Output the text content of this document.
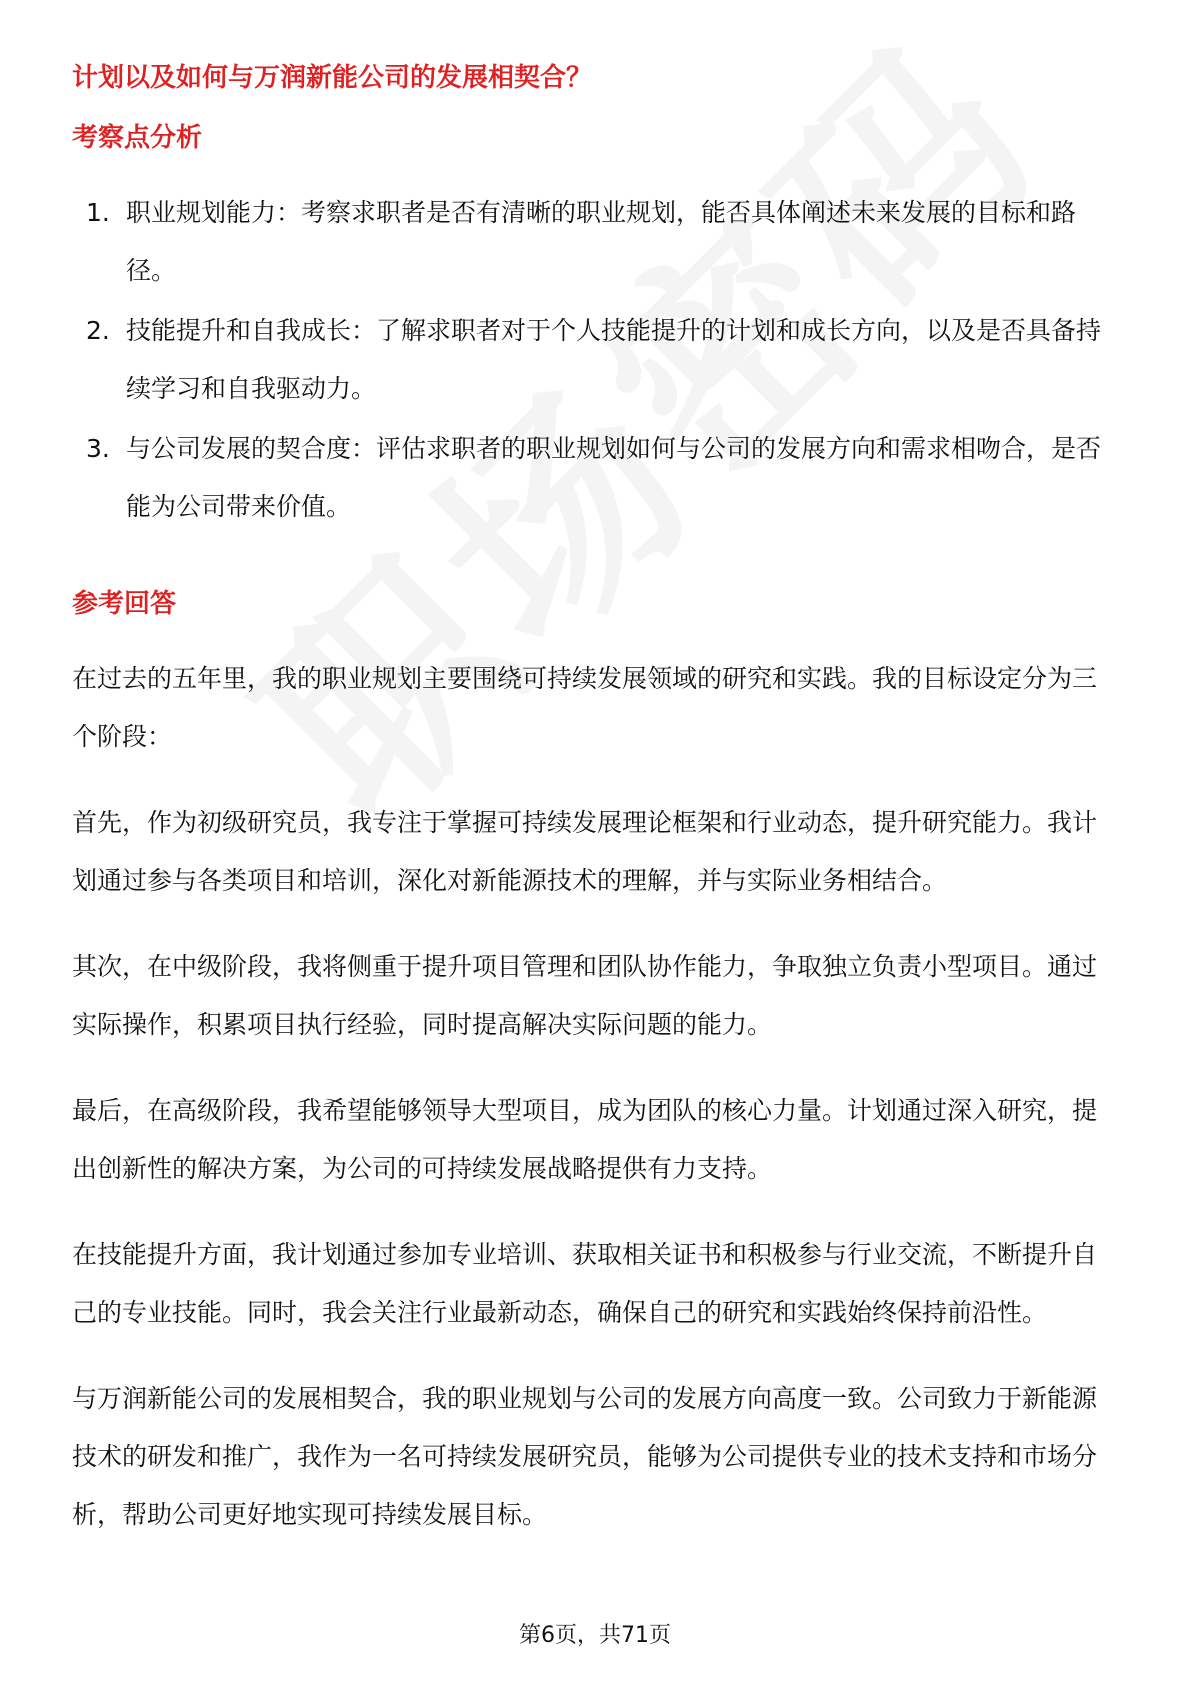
计划以及如何与万润新能公司的发展相契合？
考察点分析
1. 职业规划能力：考察求职者是否有清晰的职业规划，能否具体阐述未来发展的目标和路径。
2. 技能提升和自我成长：了解求职者对于个人技能提升的计划和成长方向，以及是否具备持续学习和自我驱动力。
3. 与公司发展的契合度：评估求职者的职业规划如何与公司的发展方向和需求相吻合，是否能为公司带来价值。
参考回答

在过去的五年里，我的职业规划主要围绕可持续发展领域的研究和实践。我的目标设定分为三个阶段：

首先，作为初级研究员，我专注于掌握可持续发展理论框架和行业动态，提升研究能力。我计划通过参与各类项目和培训，深化对新能源技术的理解，并与实际业务相结合。

其次，在中级阶段，我将侧重于提升项目管理和团队协作能力，争取独立负责小型项目。通过实际操作，积累项目执行经验，同时提高解决实际问题的能力。

最后，在高级阶段，我希望能够领导大型项目，成为团队的核心力量。计划通过深入研究，提出创新性的解决方案，为公司的可持续发展战略提供有力支持。

在技能提升方面，我计划通过参加专业培训、获取相关证书和积极参与行业交流，不断提升自己的专业技能。同时，我会关注行业最新动态，确保自己的研究和实践始终保持前沿性。

与万润新能公司的发展相契合，我的职业规划与公司的发展方向高度一致。公司致力于新能源技术的研发和推广，我作为一名可持续发展研究员，能够为公司提供专业的技术支持和市场分析，帮助公司更好地实现可持续发展目标。

第6页，共71页
